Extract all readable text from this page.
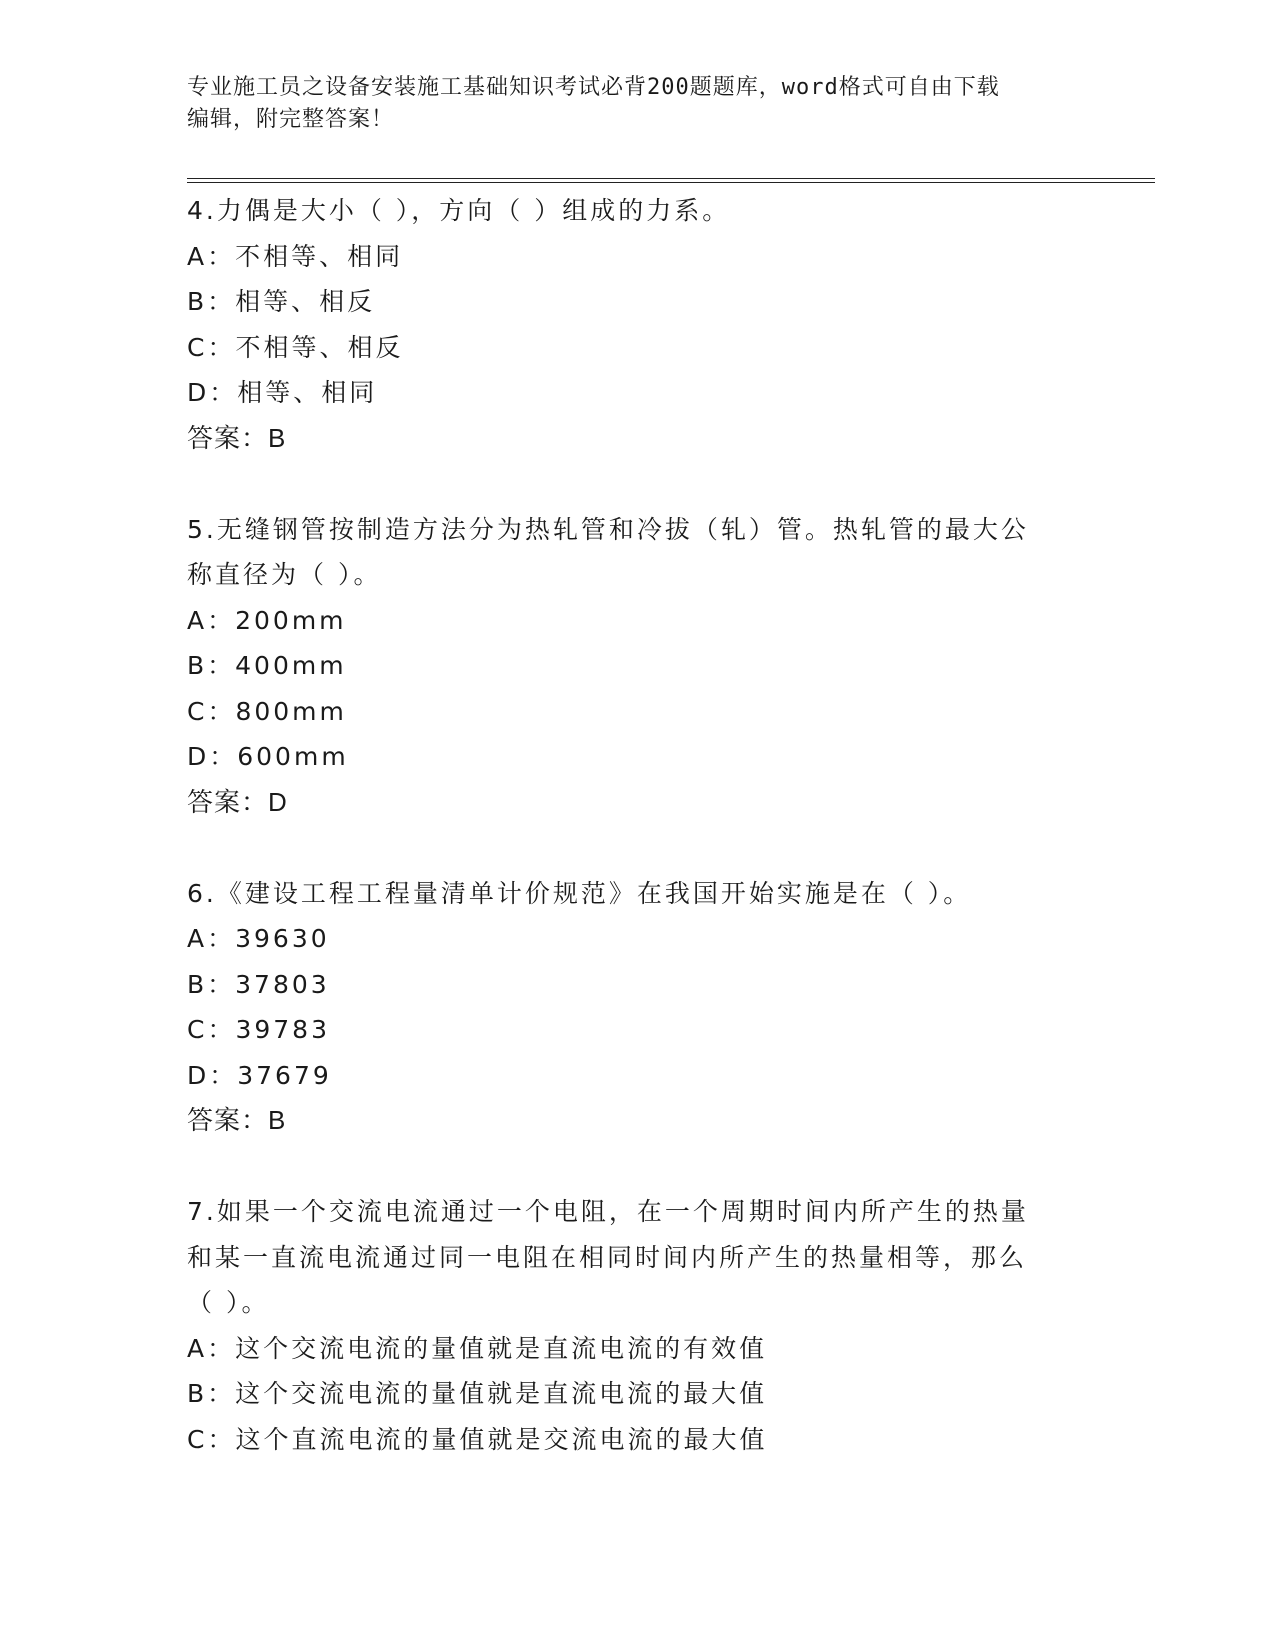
专业施工员之设备安装施工基础知识考试必背200题题库，word格式可自由下载
编辑，附完整答案！
4.力偶是大小（ ），方向（ ）组成的力系。
A：不相等、相同
B：相等、相反
C：不相等、相反
D：相等、相同
答案：B
5.无缝钢管按制造方法分为热轧管和冷拔（轧）管。热轧管的最大公
称直径为（ ）。
A：200mm
B：400mm
C：800mm
D：600mm
答案：D
6.《建设工程工程量清单计价规范》在我国开始实施是在（ ）。
A：39630
B：37803
C：39783
D：37679
答案：B
7.如果一个交流电流通过一个电阻，在一个周期时间内所产生的热量
和某一直流电流通过同一电阻在相同时间内所产生的热量相等，那么
（ ）。
A：这个交流电流的量值就是直流电流的有效值
B：这个交流电流的量值就是直流电流的最大值
C：这个直流电流的量值就是交流电流的最大值
